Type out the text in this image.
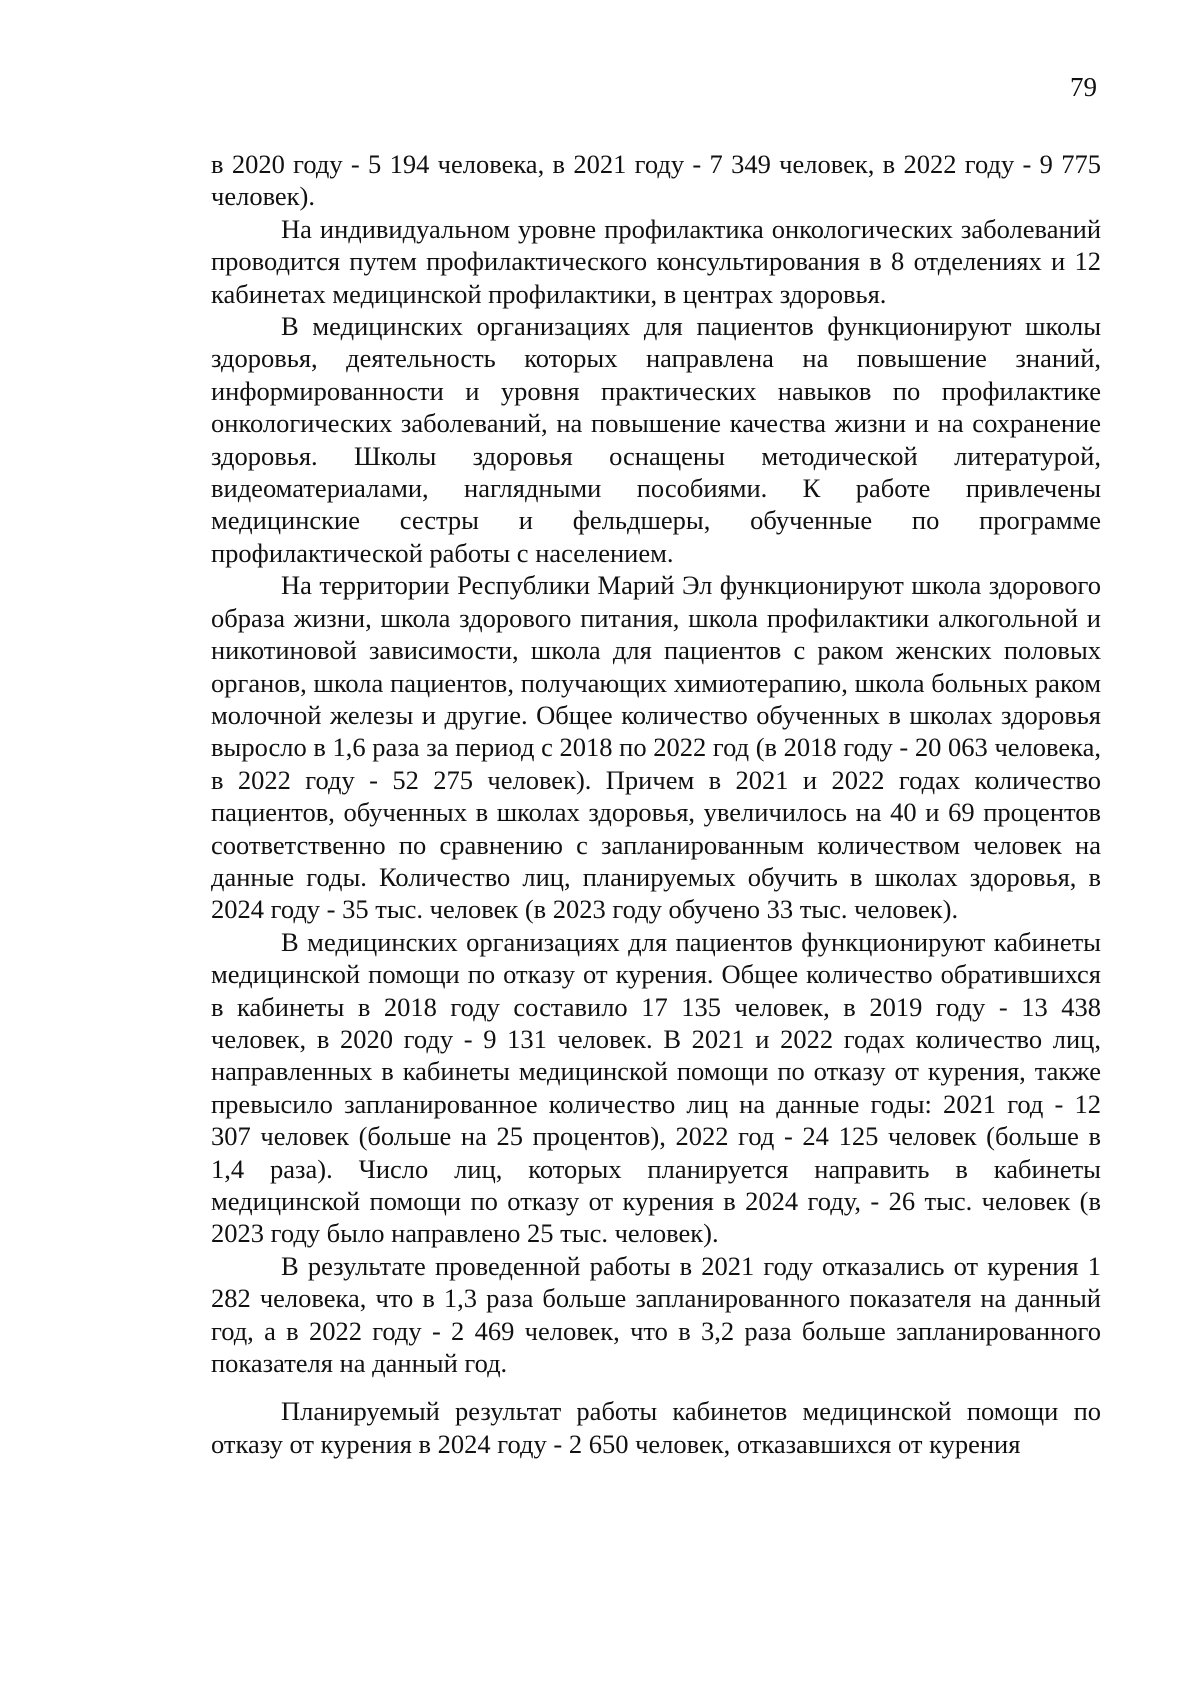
79

в 2020 году - 5 194 человека, в 2021 году - 7 349 человек, в 2022 году - 9 775 человек).

На индивидуальном уровне профилактика онкологических заболеваний проводится путем профилактического консультирования в 8 отделениях и 12 кабинетах медицинской профилактики, в центрах здоровья.

В медицинских организациях для пациентов функционируют школы здоровья, деятельность которых направлена на повышение знаний, информированности и уровня практических навыков по профилактике онкологических заболеваний, на повышение качества жизни и на сохранение здоровья. Школы здоровья оснащены методической литературой, видеоматериалами, наглядными пособиями. К работе привлечены медицинские сестры и фельдшеры, обученные по программе профилактической работы с населением.

На территории Республики Марий Эл функционируют школа здорового образа жизни, школа здорового питания, школа профилактики алкогольной и никотиновой зависимости, школа для пациентов с раком женских половых органов, школа пациентов, получающих химиотерапию, школа больных раком молочной железы и другие. Общее количество обученных в школах здоровья выросло в 1,6 раза за период с 2018 по 2022 год (в 2018 году - 20 063 человека, в 2022 году - 52 275 человек). Причем в 2021 и 2022 годах количество пациентов, обученных в школах здоровья, увеличилось на 40 и 69 процентов соответственно по сравнению с запланированным количеством человек на данные годы. Количество лиц, планируемых обучить в школах здоровья, в 2024 году - 35 тыс. человек (в 2023 году обучено 33 тыс. человек).

В медицинских организациях для пациентов функционируют кабинеты медицинской помощи по отказу от курения. Общее количество обратившихся в кабинеты в 2018 году составило 17 135 человек, в 2019 году - 13 438 человек, в 2020 году - 9 131 человек. В 2021 и 2022 годах количество лиц, направленных в кабинеты медицинской помощи по отказу от курения, также превысило запланированное количество лиц на данные годы: 2021 год - 12 307 человек (больше на 25 процентов), 2022 год - 24 125 человек (больше в 1,4 раза). Число лиц, которых планируется направить в кабинеты медицинской помощи по отказу от курения в 2024 году, - 26 тыс. человек (в 2023 году было направлено 25 тыс. человек).

В результате проведенной работы в 2021 году отказались от курения 1 282 человека, что в 1,3 раза больше запланированного показателя на данный год, а в 2022 году - 2 469 человек, что в 3,2 раза больше запланированного показателя на данный год.

Планируемый результат работы кабинетов медицинской помощи по отказу от курения в 2024 году - 2 650 человек, отказавшихся от курения
